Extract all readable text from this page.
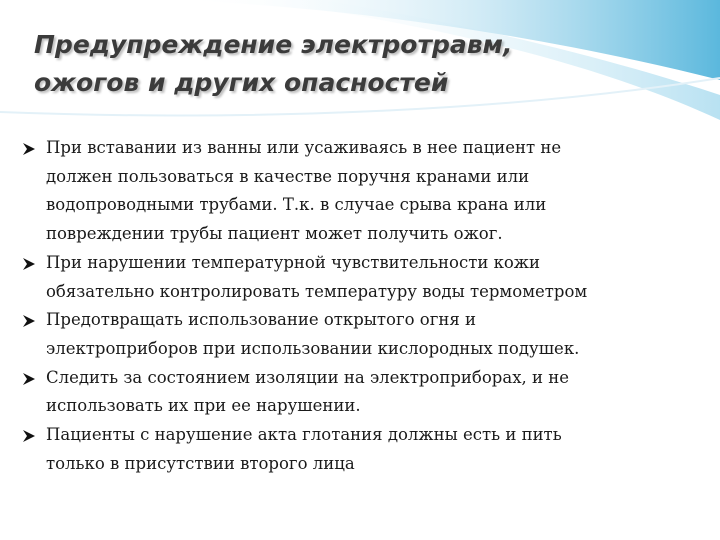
Предупреждение электротравм,
ожогов и других опасностей
При вставании из ванны или усаживаясь в нее пациент не
должен пользоваться в качестве поручня кранами или
водопроводными трубами. Т.к. в случае срыва крана или
повреждении трубы пациент может получить ожог.
При нарушении температурной чувствительности кожи
обязательно контролировать температуру воды термометром
Предотвращать использование открытого огня и
электроприборов при использовании кислородных подушек.
Следить за состоянием изоляции на электроприборах, и не
использовать их при ее нарушении.
Пациенты с нарушение акта глотания должны есть и пить
только в присутствии второго лица
